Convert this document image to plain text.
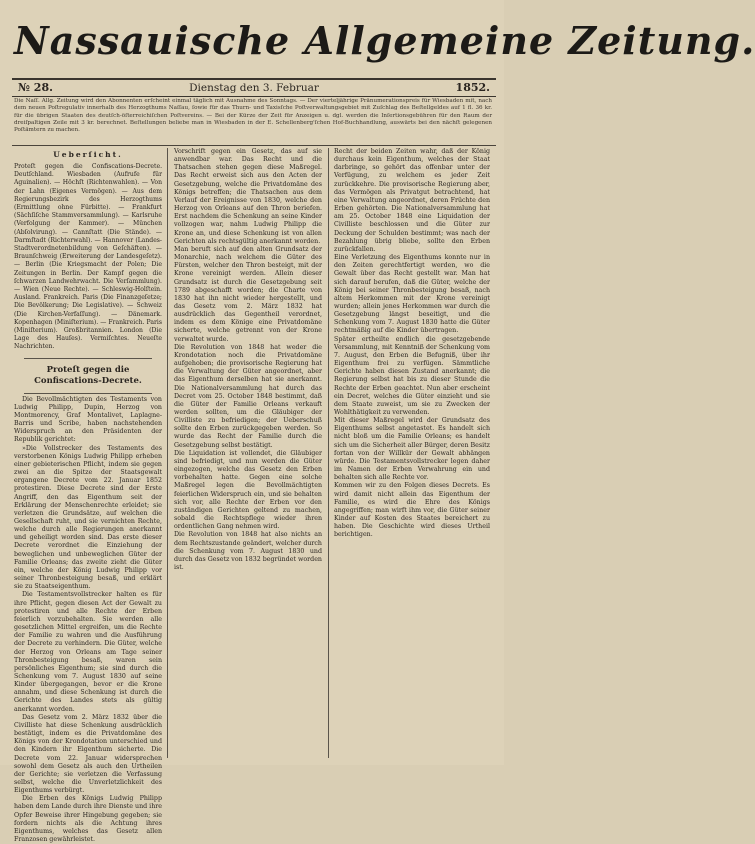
Nassauische Allgemeine Zeitung.
№ 28.	Dienstag den 3. Februar	1852.
Die Naſſ. Allg. Zeitung wird den Abonnenten erſcheint einmal täglich mit Ausnahme des Sonntags. — Der vierteljährige Pränumerationspreis für Wiesbaden mit, nach dem neuen Poſtregulativ innerhalb des Herzogthums Naſſau, ſowie für das Thurn- und Taxisſche Poſtverwaltungsgebiet mit Zuſchlag des Beſtellgeldes auf 1 fl. 36 kr. für die übrigen Staaten des deutſch-öſterreichiſchen Poſtvereins. — Bei der Kürze der Zeit für Anzeigen u. dgl. werden die Inſertionsgebühren für den Raum der dreiſpaltigen Zeile mit 3 kr. berechnet. Beſtellungen beliebe man in Wiesbaden in der E. Schellenberg'ſchen Hof-Buchhandlung, auswärts bei den nächſt gelegenen Poſtämtern zu machen.
Ueberſicht.
Proteſt gegen die Confiscations-Decrete. Deutſchland. Wiesbaden (Aufrufe für Aguinalien). — Höchſt (Richtenwahlen). — Von der Lahn (Eigenes Vermögen). — Aus dem Regierungsbezirk des Herzogthums (Ermittlung ohne Fürbitte). — Frankfurt (Sächſiſche Stammversammlung). — Karlsruhe (Verfolgung der Kammer). — München (Abſolvirung). — Cannſtatt (Die Stände). — Darmſtadt (Richterwahl). — Hannover (Landes-Stadtverordnetenbildung von Geſchäften). — Braunſchweig (Erweiterung der Landesgeſetz). — Berlin (Die Kriegsmacht der Polen; Die Zeitungen in Berlin. Der Kampf gegen die ſchwarzen Landwehrwacht. Die Verſammlung). — Wien (Neue Rechte). — Schleswig-Holſtein. Ausland. Frankreich. Paris (Die Finanzgeſetze; Die Bevölkerung; Die Legislative). — Schweiz (Die Kirchen-Verfaſſung). — Dänemark. Kopenhagen (Miniſterium). — Frankreich. Paris (Miniſterium). Großbritannien. London (Die Lage des Hauſes). Vermiſchtes. Neueſte Nachrichten.
Proteſt gegen die Confiscations-Decrete.

Die Bevollmächtigten des Testaments von Ludwig Philipp, Dupin, Herzog von Montmorency, Graf Montalivet, Laplagne-Barris und Scribe, haben nachstehenden Widerspruch an den Präsidenten der Republik gerichtet:

»Die Vollstrecker des Testaments des verstorbenen Königs Ludwig Philipp erheben einer gebieterischen Pflicht, indem sie gegen zwei an die Spitze der Staatsgewalt ergangene Decrete vom 22. Januar 1852 protestiren. Diese Decrete sind der Erste Angriff, den das Eigenthum seit der Erklärung der Menschenrechte erleidet; sie verletzen die Grundsätze, auf welchen die Gesellschaft ruht, und sie vernichten Rechte, welche durch alle Regierungen anerkannt und geheiligt worden sind. Das erste dieser Decrete verordnet die Einziehung der beweglichen und unbeweglichen Güter der Familie Orleans; das zweite zieht die Güter ein, welche der König Ludwig Philipp vor seiner Thronbesteigung besaß, und erklärt sie zu Staatseigenthum.

Die Testamentsvollstrecker halten es für ihre Pflicht, gegen diesen Act der Gewalt zu protestiren und alle Rechte der Erben feierlich vorzubehalten. Sie werden alle gesetzlichen Mittel ergreifen, um die Rechte der Familie zu wahren und die Ausführung der Decrete zu verhindern. Die Güter, welche der Herzog von Orleans am Tage seiner Thronbesteigung besaß, waren sein persönliches Eigenthum; sie sind durch die Schenkung vom 7. August 1830 auf seine Kinder übergegangen, bevor er die Krone annahm, und diese Schenkung ist durch die Gerichte des Landes stets als gültig anerkannt worden.

Das Gesetz vom 2. März 1832 über die Civilliste hat diese Schenkung ausdrücklich bestätigt, indem es die Privatdomäne des Königs von der Krondotation unterschied und den Kindern ihr Eigenthum sicherte. Die Decrete vom 22. Januar widersprechen sowohl dem Gesetz als auch den Urtheilen der Gerichte; sie verletzen die Verfassung selbst, welche die Unverletzlichkeit des Eigenthums verbürgt.

Die Erben des Königs Ludwig Philipp haben dem Lande durch ihre Dienste und ihre Opfer Beweise ihrer Hingebung gegeben; sie fordern nichts als die Achtung ihres Eigenthums, welches das Gesetz allen Franzosen gewährleistet.

Vorschrift gegen ein Gesetz, das auf sie anwendbar war. Das Recht und die Thatsachen stehen gegen diese Maßregel. Das Recht erweist sich aus den Acten der Gesetzgebung, welche die Privatdomäne des Königs betreffen; die Thatsachen aus dem Verlauf der Ereignisse von 1830, welche den Herzog von Orleans auf den Thron beriefen. Erst nachdem die Schenkung an seine Kinder vollzogen war, nahm Ludwig Philipp die Krone an, und diese Schenkung ist von allen Gerichten als rechtsgültig anerkannt worden.

Man beruft sich auf den alten Grundsatz der Monarchie, nach welchem die Güter des Fürsten, welcher den Thron besteigt, mit der Krone vereinigt werden. Allein dieser Grundsatz ist durch die Gesetzgebung seit 1789 abgeschafft worden; die Charte von 1830 hat ihn nicht wieder hergestellt, und das Gesetz vom 2. März 1832 hat ausdrücklich das Gegentheil verordnet, indem es dem Könige eine Privatdomäne sicherte, welche getrennt von der Krone verwaltet wurde.

Die Revolution von 1848 hat weder die Krondotation noch die Privatdomäne aufgehoben; die provisorische Regierung hat die Verwaltung der Güter angeordnet, aber das Eigenthum derselben hat sie anerkannt. Die Nationalversammlung hat durch das Decret vom 25. October 1848 bestimmt, daß die Güter der Familie Orleans verkauft werden sollten, um die Gläubiger der Civilliste zu befriedigen; der Ueberschuß sollte den Erben zurückgegeben werden. So wurde das Recht der Familie durch die Gesetzgebung selbst bestätigt.

Die Liquidation ist vollendet, die Gläubiger sind befriedigt, und nun werden die Güter eingezogen, welche das Gesetz den Erben vorbehalten hatte. Gegen eine solche Maßregel legen die Bevollmächtigten feierlichen Widerspruch ein, und sie behalten sich vor, alle Rechte der Erben vor den zuständigen Gerichten geltend zu machen, sobald die Rechtspflege wieder ihren ordentlichen Gang nehmen wird.

Die Revolution von 1848 hat also nichts an dem Rechtszustande geändert, welcher durch die Schenkung vom 7. August 1830 und durch das Gesetz von 1832 begründet worden ist.

Recht der beiden Zeiten wahr, daß der König durchaus kein Eigenthum, welches der Staat darbringe, so gehört das offenbar unter der Verfügung, zu welchem es jeder Zeit zurückkehre. Die provisorische Regierung aber, das Vermögen als Privatgut betrachtend, hat eine Verwaltung angeordnet, deren Früchte den Erben gehörten. Die Nationalversammlung hat am 25. October 1848 eine Liquidation der Civilliste beschlossen und die Güter zur Deckung der Schulden bestimmt; was nach der Bezahlung übrig bliebe, sollte den Erben zurückfallen.

Eine Verletzung des Eigenthums konnte nur in den Zeiten gerechtfertigt werden, wo die Gewalt über das Recht gestellt war. Man hat sich darauf berufen, daß die Güter, welche der König bei seiner Thronbesteigung besaß, nach altem Herkommen mit der Krone vereinigt wurden; allein jenes Herkommen war durch die Gesetzgebung längst beseitigt, und die Schenkung vom 7. August 1830 hatte die Güter rechtmäßig auf die Kinder übertragen.

Später ertheilte endlich die gesetzgebende Versammlung, mit Kenntniß der Schenkung vom 7. August, den Erben die Befugniß, über ihr Eigenthum frei zu verfügen. Sämmtliche Gerichte haben diesen Zustand anerkannt; die Regierung selbst hat bis zu dieser Stunde die Rechte der Erben geachtet. Nun aber erscheint ein Decret, welches die Güter einzieht und sie dem Staate zuweist, um sie zu Zwecken der Wohlthätigkeit zu verwenden.

Mit dieser Maßregel wird der Grundsatz des Eigenthums selbst angetastet. Es handelt sich nicht bloß um die Familie Orleans; es handelt sich um die Sicherheit aller Bürger, deren Besitz fortan von der Willkür der Gewalt abhängen würde. Die Testamentsvollstrecker legen daher im Namen der Erben Verwahrung ein und behalten sich alle Rechte vor.

Kommen wir zu den Folgen dieses Decrets. Es wird damit nicht allein das Eigenthum der Familie, es wird die Ehre des Königs angegriffen; man wirft ihm vor, die Güter seiner Kinder auf Kosten des Staates bereichert zu haben. Die Geschichte wird dieses Urtheil berichtigen.
